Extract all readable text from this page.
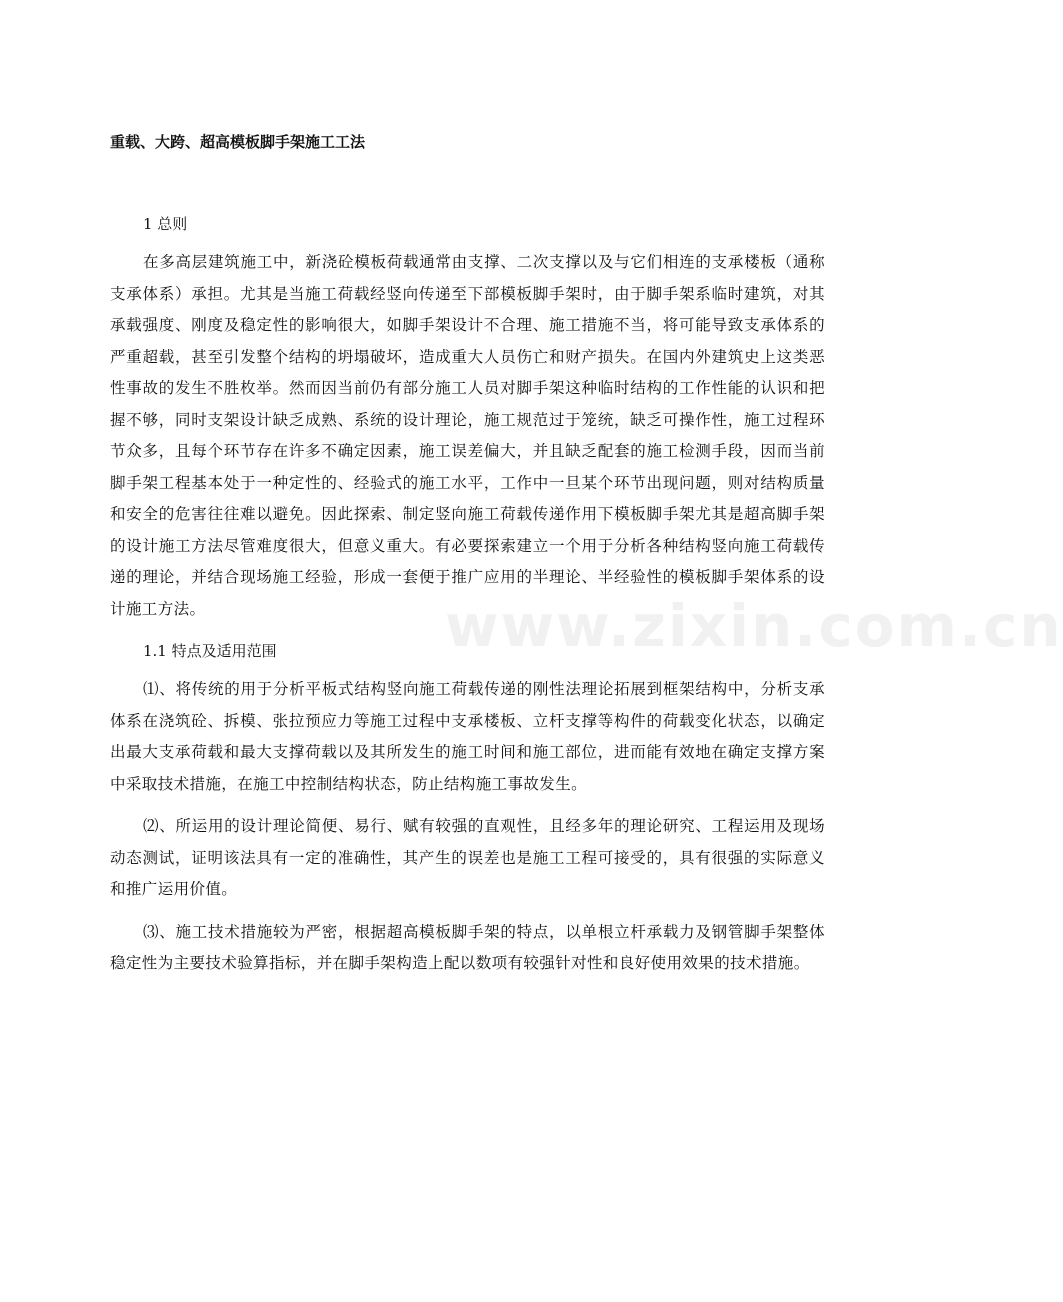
重载、大跨、超高模板脚手架施工工法
1 总则

在多高层建筑施工中，新浇砼模板荷载通常由支撑、二次支撑以及与它们相连的支承楼板（通称支承体系）承担。尤其是当施工荷载经竖向传递至下部模板脚手架时，由于脚手架系临时建筑，对其承载强度、刚度及稳定性的影响很大，如脚手架设计不合理、施工措施不当，将可能导致支承体系的严重超载，甚至引发整个结构的坍塌破坏，造成重大人员伤亡和财产损失。在国内外建筑史上这类恶性事故的发生不胜枚举。然而因当前仍有部分施工人员对脚手架这种临时结构的工作性能的认识和把握不够，同时支架设计缺乏成熟、系统的设计理论，施工规范过于笼统，缺乏可操作性，施工过程环节众多，且每个环节存在许多不确定因素，施工误差偏大，并且缺乏配套的施工检测手段，因而当前脚手架工程基本处于一种定性的、经验式的施工水平，工作中一旦某个环节出现问题，则对结构质量和安全的危害往往难以避免。因此探索、制定竖向施工荷载传递作用下模板脚手架尤其是超高脚手架的设计施工方法尽管难度很大，但意义重大。有必要探索建立一个用于分析各种结构竖向施工荷载传递的理论，并结合现场施工经验，形成一套便于推广应用的半理论、半经验性的模板脚手架体系的设计施工方法。

1.1 特点及适用范围

⑴、将传统的用于分析平板式结构竖向施工荷载传递的刚性法理论拓展到框架结构中，分析支承体系在浇筑砼、拆模、张拉预应力等施工过程中支承楼板、立杆支撑等构件的荷载变化状态，以确定出最大支承荷载和最大支撑荷载以及其所发生的施工时间和施工部位，进而能有效地在确定支撑方案中采取技术措施，在施工中控制结构状态，防止结构施工事故发生。

⑵、所运用的设计理论简便、易行、赋有较强的直观性，且经多年的理论研究、工程运用及现场动态测试，证明该法具有一定的准确性，其产生的误差也是施工工程可接受的，具有很强的实际意义和推广运用价值。

⑶、施工技术措施较为严密，根据超高模板脚手架的特点，以单根立杆承载力及钢管脚手架整体稳定性为主要技术验算指标，并在脚手架构造上配以数项有较强针对性和良好使用效果的技术措施。

www.zixin.com.cn
